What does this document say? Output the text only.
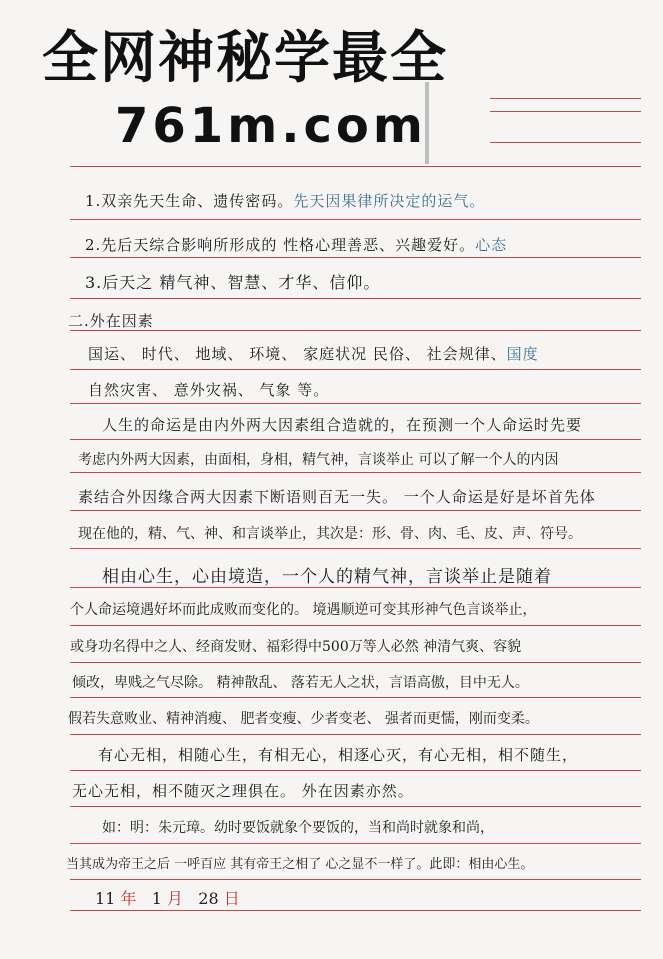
全网神秘学最全
761m.com
1.双亲先天生命、遗传密码。先天因果律所决定的运气。
2.先后天综合影响所形成的 性格心理善恶、兴趣爱好。心态
3.后天之 精气神、智慧、才华、信仰。
二.外在因素
国运、 时代、 地域、 环境、 家庭状况 民俗、 社会规律、国度
自然灾害、 意外灾祸、 气象 等。
人生的命运是由内外两大因素组合造就的，在预测一个人命运时先要
考虑内外两大因素，由面相，身相，精气神，言谈举止 可以了解一个人的内因
素结合外因缘合两大因素下断语则百无一失。 一个人命运是好是坏首先体
现在他的，精、气、神、和言谈举止，其次是：形、骨、肉、毛、皮、声、符号。
相由心生，心由境造，一个人的精气神，言谈举止是随着
个人命运境遇好坏而此成败而变化的。 境遇顺逆可变其形神气色言谈举止，
或身功名得中之人、经商发财、福彩得中500万等人必然 神清气爽、容貌
倾改，卑贱之气尽除。 精神散乱、 落若无人之状，言语高傲，目中无人。
假若失意败业、精神消瘦、 肥者变瘦、少者变老、 强者而更懦，刚而变柔。
有心无相，相随心生，有相无心，相逐心灭，有心无相，相不随生，
无心无相，相不随灭之理俱在。 外在因素亦然。
如：明：朱元璋。幼时要饭就象个要饭的，当和尚时就象和尚，
当其成为帝王之后 一呼百应 其有帝王之相了 心之显不一样了。此即：相由心生。
11 年 1 月 28 日
